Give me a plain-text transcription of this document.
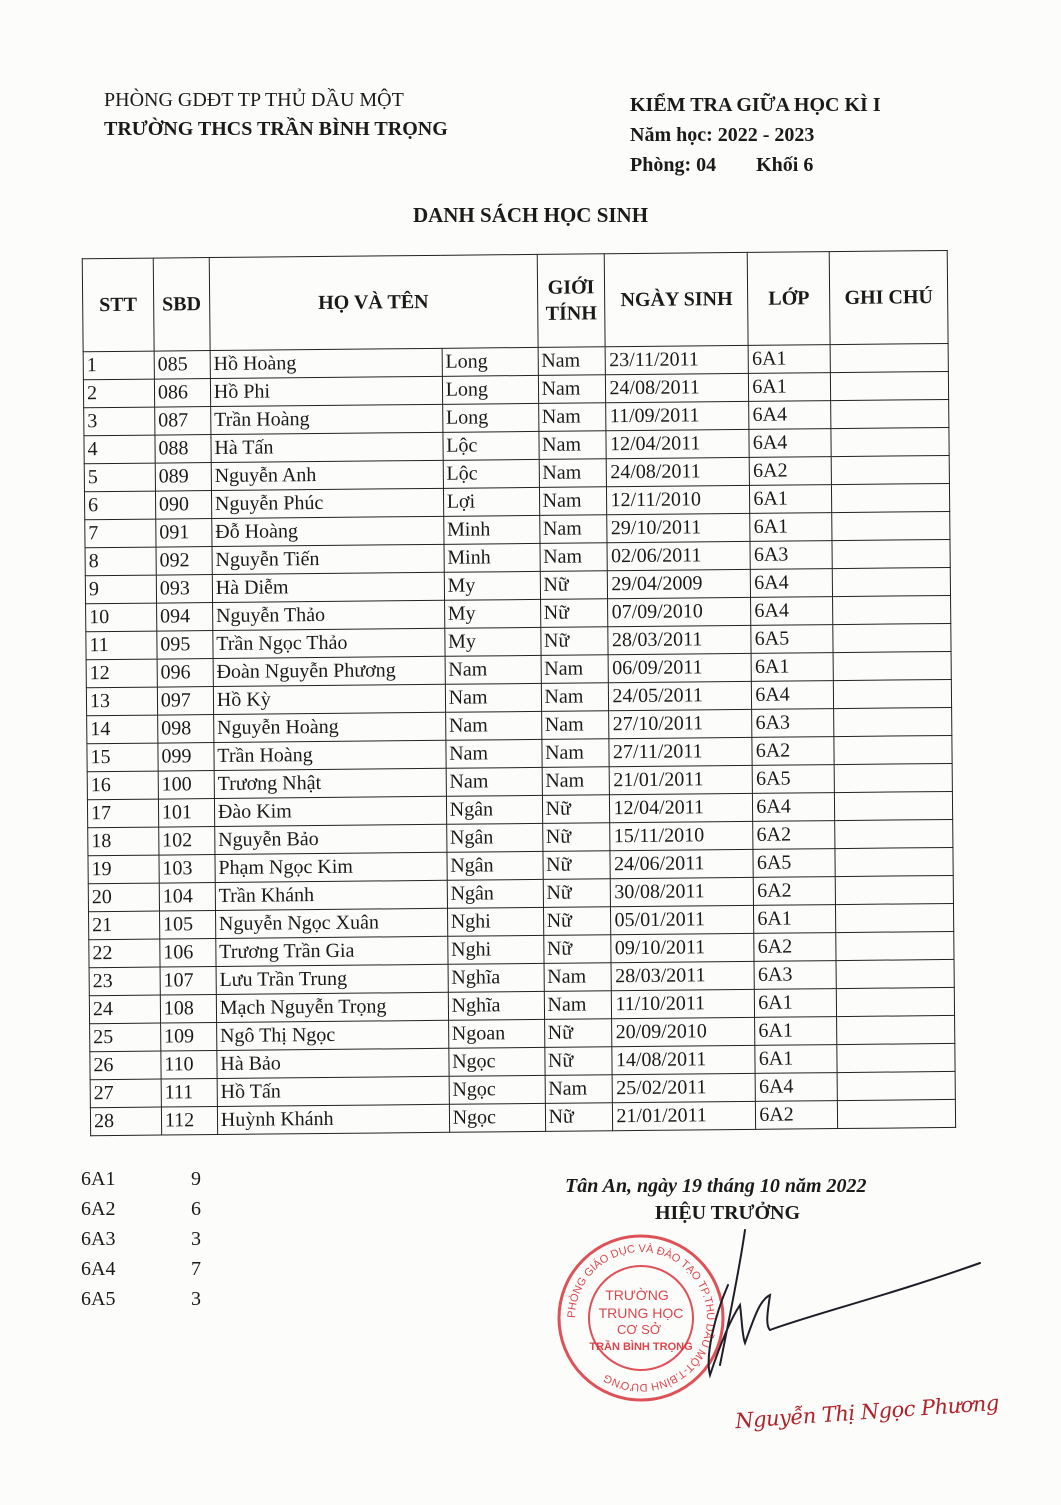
PHÒNG GDĐT TP THỦ DẦU MỘT
TRƯỜNG THCS TRẦN BÌNH TRỌNG
KIỂM TRA GIỮA HỌC KÌ I
Năm học: 2022 - 2023
Phòng: 04 Khối 6
DANH SÁCH HỌC SINH
STT	SBD	HỌ VÀ TÊN		GIỚI
TÍNH	NGÀY SINH	LỚP	GHI CHÚ
1	085	Hồ Hoàng	Long	Nam	23/11/2011	6A1	
2	086	Hồ Phi	Long	Nam	24/08/2011	6A1	
3	087	Trần Hoàng	Long	Nam	11/09/2011	6A4	
4	088	Hà Tấn	Lộc	Nam	12/04/2011	6A4	
5	089	Nguyễn Anh	Lộc	Nam	24/08/2011	6A2	
6	090	Nguyễn Phúc	Lợi	Nam	12/11/2010	6A1	
7	091	Đỗ Hoàng	Minh	Nam	29/10/2011	6A1	
8	092	Nguyễn Tiến	Minh	Nam	02/06/2011	6A3	
9	093	Hà Diễm	My	Nữ	29/04/2009	6A4	
10	094	Nguyễn Thảo	My	Nữ	07/09/2010	6A4	
11	095	Trần Ngọc Thảo	My	Nữ	28/03/2011	6A5	
12	096	Đoàn Nguyễn Phương	Nam	Nam	06/09/2011	6A1	
13	097	Hồ Kỳ	Nam	Nam	24/05/2011	6A4	
14	098	Nguyễn Hoàng	Nam	Nam	27/10/2011	6A3	
15	099	Trần Hoàng	Nam	Nam	27/11/2011	6A2	
16	100	Trương Nhật	Nam	Nam	21/01/2011	6A5	
17	101	Đào Kim	Ngân	Nữ	12/04/2011	6A4	
18	102	Nguyễn Bảo	Ngân	Nữ	15/11/2010	6A2	
19	103	Phạm Ngọc Kim	Ngân	Nữ	24/06/2011	6A5	
20	104	Trần Khánh	Ngân	Nữ	30/08/2011	6A2	
21	105	Nguyễn Ngọc Xuân	Nghi	Nữ	05/01/2011	6A1	
22	106	Trương Trần Gia	Nghi	Nữ	09/10/2011	6A2	
23	107	Lưu Trần Trung	Nghĩa	Nam	28/03/2011	6A3	
24	108	Mạch Nguyễn Trọng	Nghĩa	Nam	11/10/2011	6A1	
25	109	Ngô Thị Ngọc	Ngoan	Nữ	20/09/2010	6A1	
26	110	Hà Bảo	Ngọc	Nữ	14/08/2011	6A1	
27	111	Hồ Tấn	Ngọc	Nam	25/02/2011	6A4	
28	112	Huỳnh Khánh	Ngọc	Nữ	21/01/2011	6A2	
6A1	9
6A2	6
6A3	3
6A4	7
6A5	3
Tân An, ngày 19 tháng 10 năm 2022
HIỆU TRƯỞNG
PHÒNG GIÁO DỤC VÀ ĐÀO TẠO TP.THỦ DẦU MỘT-T.BÌNH DƯƠNG
TRƯỜNG
TRUNG HỌC
CƠ SỞ
TRẦN BÌNH TRỌNG
Nguyễn Thị Ngọc Phương
